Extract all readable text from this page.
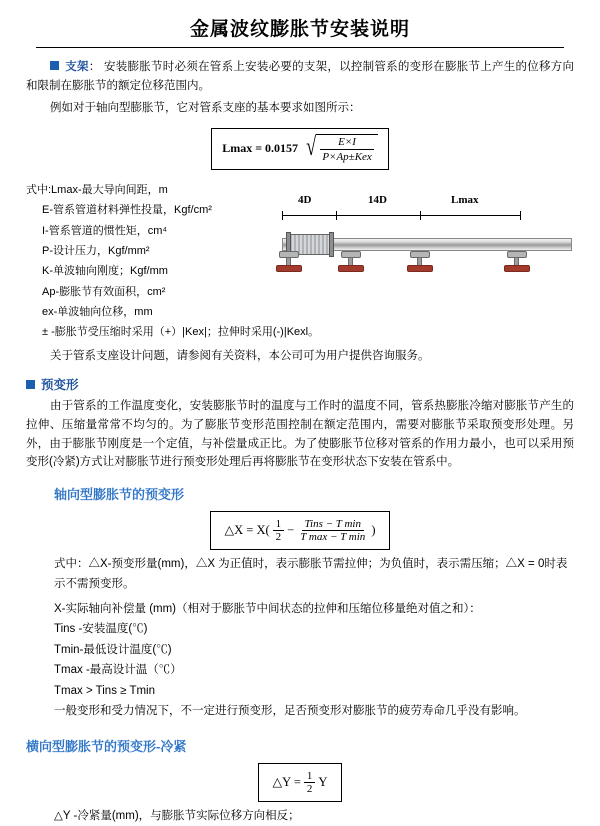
金属波纹膨胀节安装说明
支架： 安装膨胀节时必须在管系上安装必要的支架，以控制管系的变形在膨胀节上产生的位移方向和限制在膨胀节的额定位移范围内。
例如对于轴向型膨胀节，它对管系支座的基本要求如图所示：
Lmax = 0.0157 √ $\frac{E\times I}{\text{P×Ap±Kex}}$
式中:Lmax-最大导向间距，m
E-管系管道材料弹性投量，Kgf/cm²
I-管系管道的惯性矩，cm⁴
P-设计压力，Kgf/mm²
K-单波轴向刚度；Kgf/mm
Ap-膨胀节有效面积，cm²
ex-单波轴向位移，mm
± -膨胀节受压缩时采用（+）|Kex|；拉伸时采用(-)|Kexl。
4D	14D	Lmax
关于管系支座设计问题，请参阅有关资料，本公司可为用户提供咨询服务。
预变形
由于管系的工作温度变化，安装膨胀节时的温度与工作时的温度不同，管系热膨胀冷缩对膨胀节产生的拉伸、压缩量常常不均匀的。为了膨胀节变形范围控制在额定范围内，需要对膨胀节采取预变形处理。另外，由于膨胀节刚度是一个定值，与补偿量成正比。为了使膨胀节位移对管系的作用力最小，也可以采用预变形(冷紧)方式让对膨胀节进行预变形处理后再将膨胀节在变形状态下安装在管系中。
轴向型膨胀节的预变形
△X = X( 1
2 − Tins − T min
T max − T min )
式中：△X-预变形量(mm)，△X 为正值时，表示膨胀节需拉伸；为负值时，表示需压缩；△X = 0时表示不需预变形。
X-实际轴向补偿量 (mm)（相对于膨胀节中间状态的拉伸和压缩位移量绝对值之和）：
Tins -安装温度(℃)
Tmin-最低设计温度(℃)
Tmax -最高设计温（℃）
Tmax > Tins ≥ Tmin
一般变形和受力情况下，不一定进行预变形，足否预变形对膨胀节的疲劳寿命几乎没有影响。
横向型膨胀节的预变形-冷紧
△Y = $\frac{1}{2}$ Y
△Y -冷紧量(mm)，与膨胀节实际位移方向相反；
